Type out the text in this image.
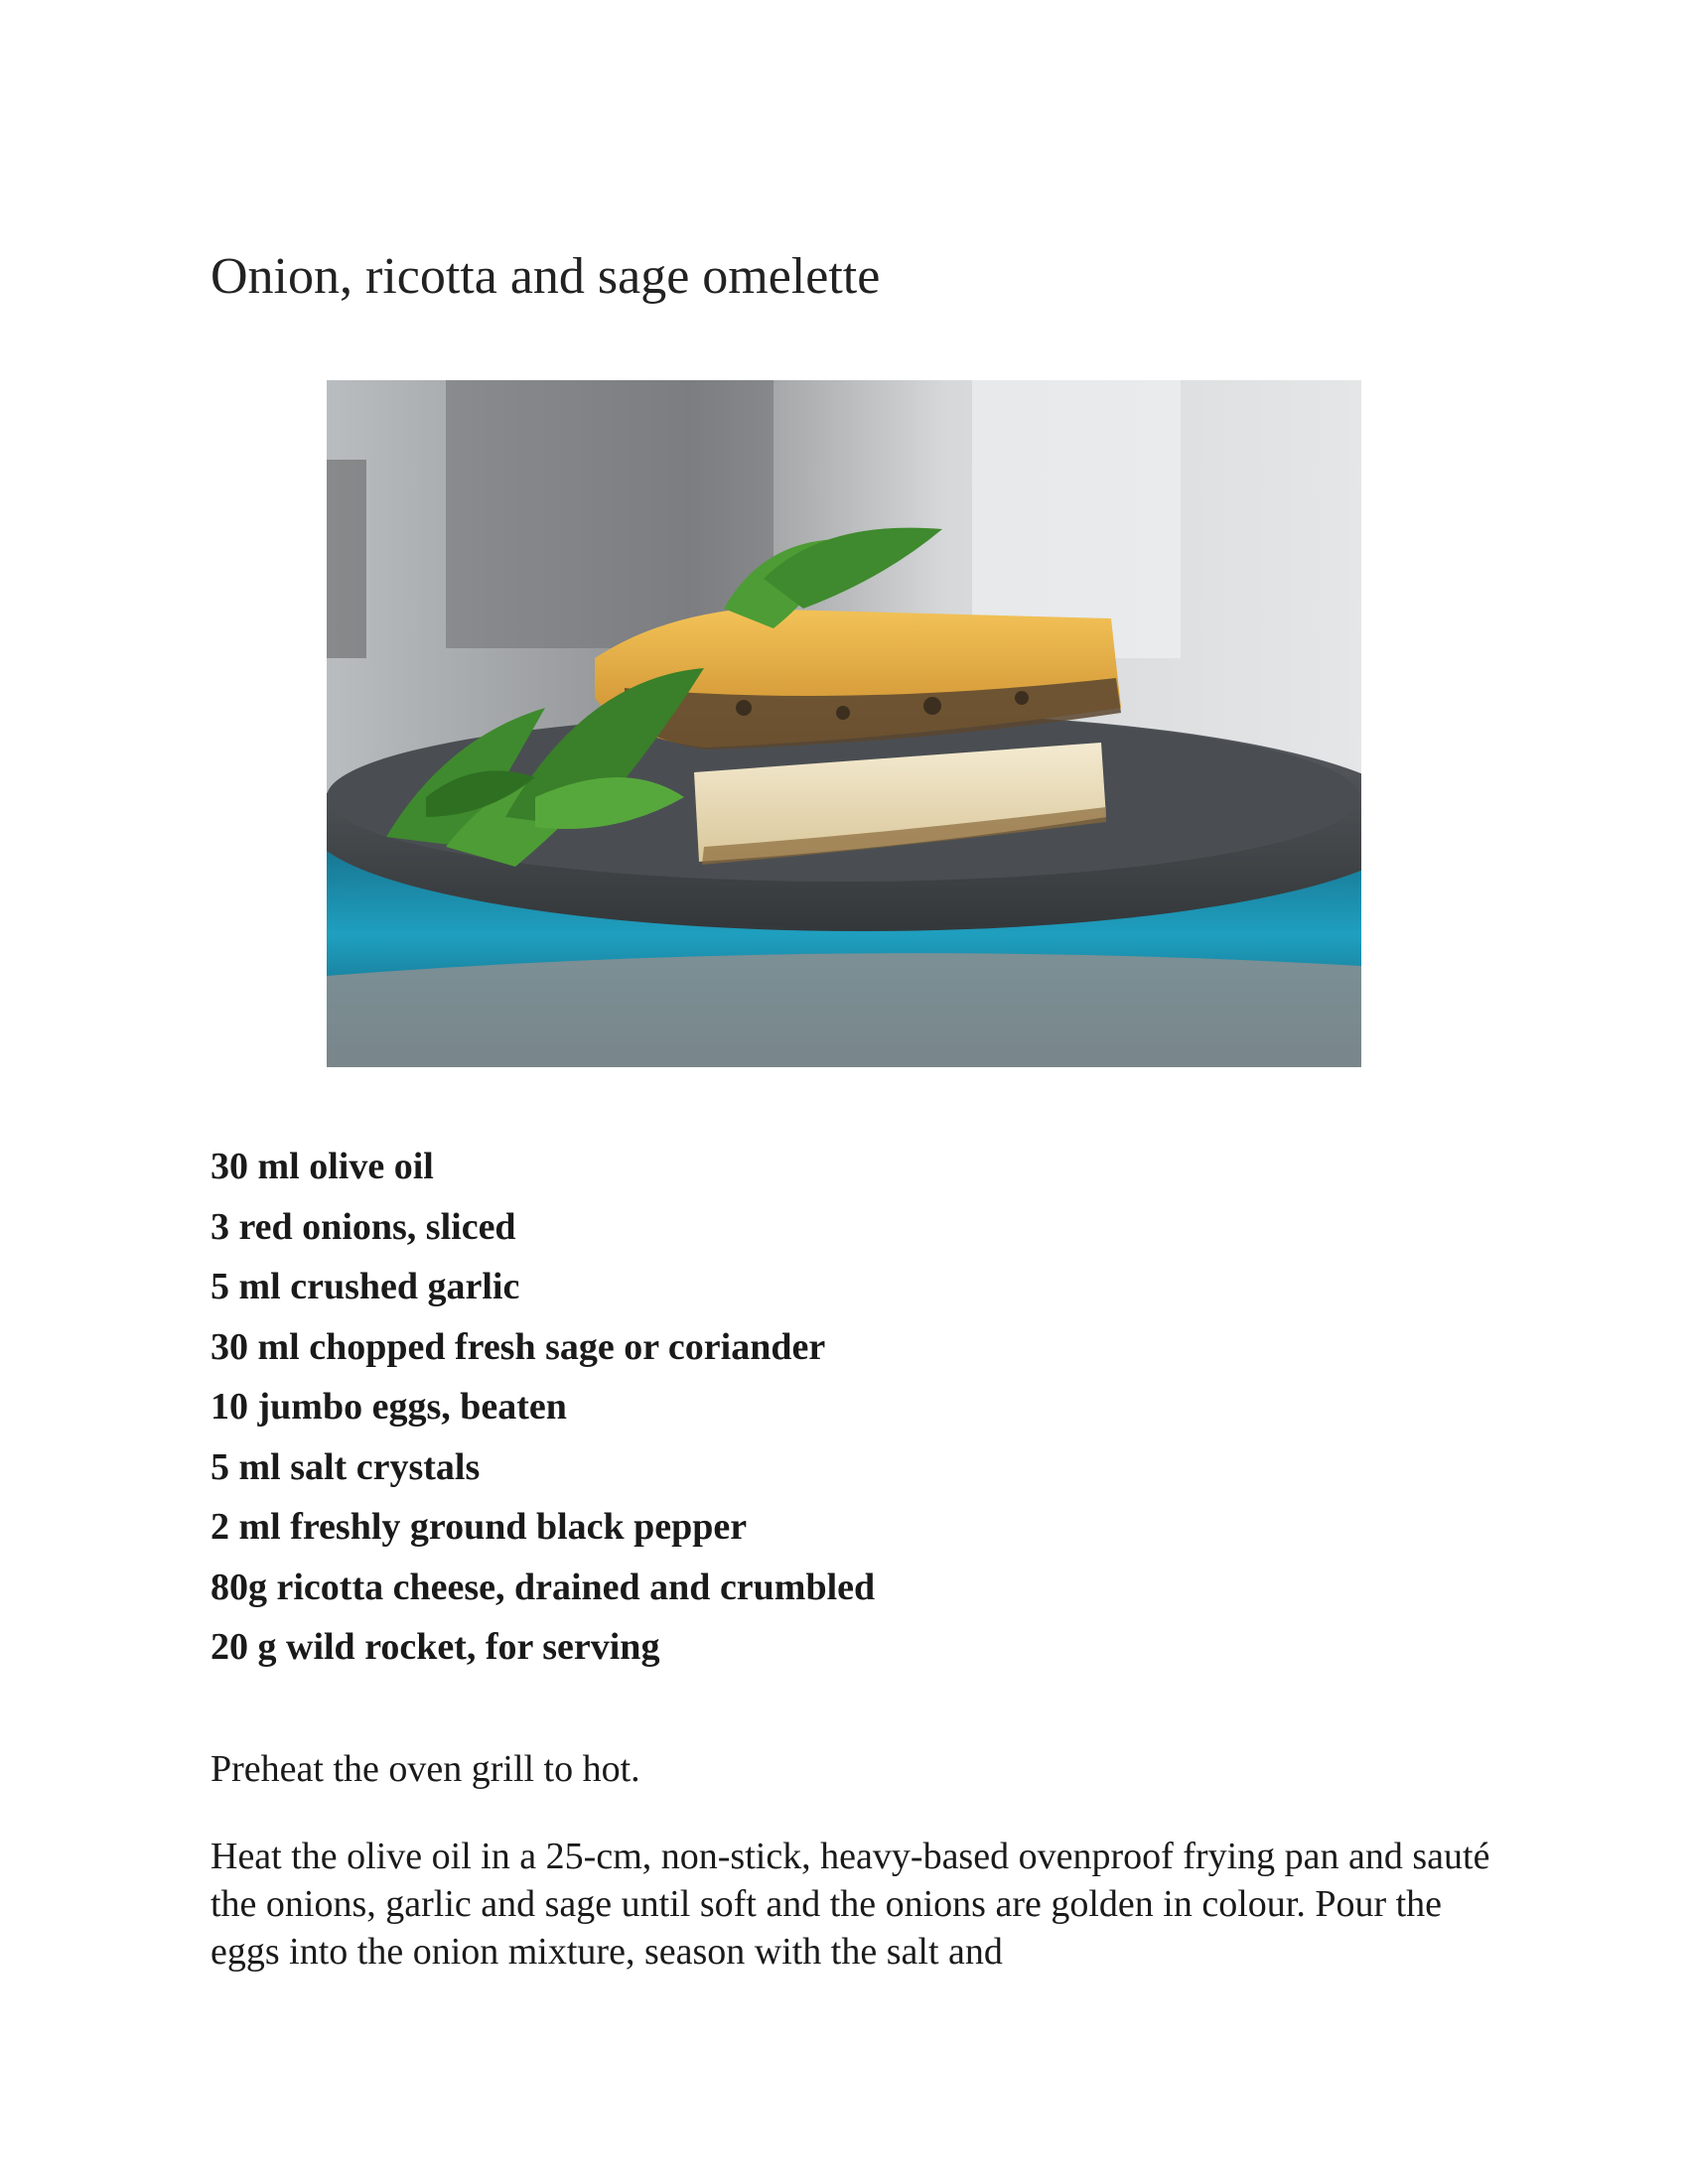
Onion, ricotta and sage omelette
30 ml olive oil
3 red onions, sliced
5 ml crushed garlic
30 ml chopped fresh sage or coriander
10 jumbo eggs, beaten
5 ml salt crystals
2 ml freshly ground black pepper
80g ricotta cheese, drained and crumbled
20 g wild rocket, for serving

Preheat the oven grill to hot.

Heat the olive oil in a 25-cm, non-stick, heavy-based ovenproof frying pan and sauté the onions, garlic and sage until soft and the onions are golden in colour. Pour the eggs into the onion mixture, season with the salt and
